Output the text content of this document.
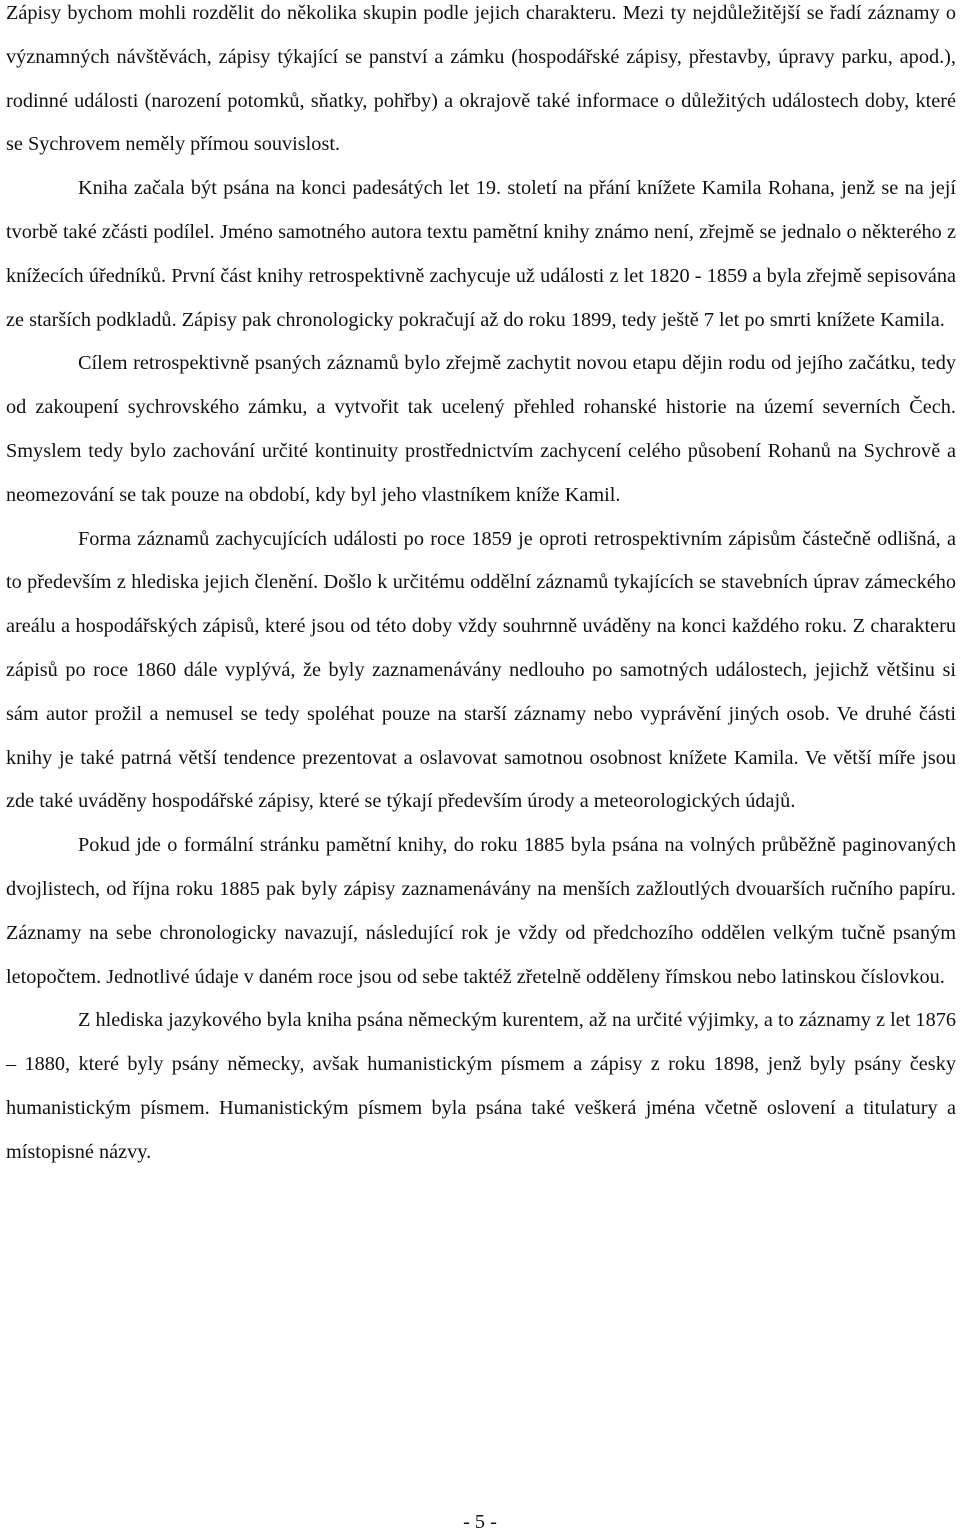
Zápisy bychom mohli rozdělit do několika skupin podle jejich charakteru. Mezi ty nejdůležitější se řadí záznamy o významných návštěvách, zápisy týkající se panství a zámku (hospodářské zápisy, přestavby, úpravy parku, apod.), rodinné události (narození potomků, sňatky, pohřby) a okrajově také informace o důležitých událostech doby, které se Sychrovem neměly přímou souvislost.

Kniha začala být psána na konci padesátých let 19. století na přání knížete Kamila Rohana, jenž se na její tvorbě také zčásti podílel. Jméno samotného autora textu pamětní knihy známo není, zřejmě se jednalo o některého z knížecích úředníků. První část knihy retrospektivně zachycuje už události z let 1820 - 1859 a byla zřejmě sepisována ze starších podkladů. Zápisy pak chronologicky pokračují až do roku 1899, tedy ještě 7 let po smrti knížete Kamila.

Cílem retrospektivně psaných záznamů bylo zřejmě zachytit novou etapu dějin rodu od jejího začátku, tedy od zakoupení sychrovského zámku, a vytvořit tak ucelený přehled rohanské historie na území severních Čech. Smyslem tedy bylo zachování určité kontinuity prostřednictvím zachycení celého působení Rohanů na Sychrově a neomezování se tak pouze na období, kdy byl jeho vlastníkem kníže Kamil.

Forma záznamů zachycujících události po roce 1859 je oproti retrospektivním zápisům částečně odlišná, a to především z hlediska jejich členění. Došlo k určitému oddělní záznamů tykajících se stavebních úprav zámeckého areálu a hospodářských zápisů, které jsou od této doby vždy souhrnně uváděny na konci každého roku. Z charakteru zápisů po roce 1860 dále vyplývá, že byly zaznamenávány nedlouho po samotných událostech, jejichž většinu si sám autor prožil a nemusel se tedy spoléhat pouze na starší záznamy nebo vyprávění jiných osob. Ve druhé části knihy je také patrná větší tendence prezentovat a oslavovat samotnou osobnost knížete Kamila. Ve větší míře jsou zde také uváděny hospodářské zápisy, které se týkají především úrody a meteorologických údajů.

Pokud jde o formální stránku pamětní knihy, do roku 1885 byla psána na volných průběžně paginovaných dvojlistech, od října roku 1885 pak byly zápisy zaznamenávány na menších zažloutlých dvouarších ručního papíru. Záznamy na sebe chronologicky navazují, následující rok je vždy od předchozího oddělen velkým tučně psaným letopočtem. Jednotlivé údaje v daném roce jsou od sebe taktéž zřetelně odděleny římskou nebo latinskou číslovkou.

Z hlediska jazykového byla kniha psána německým kurentem, až na určité výjimky, a to záznamy z let 1876 – 1880, které byly psány německy, avšak humanistickým písmem a zápisy z roku 1898, jenž byly psány česky humanistickým písmem. Humanistickým písmem byla psána také veškerá jména včetně oslovení a titulatury a místopisné názvy.

- 5 -
